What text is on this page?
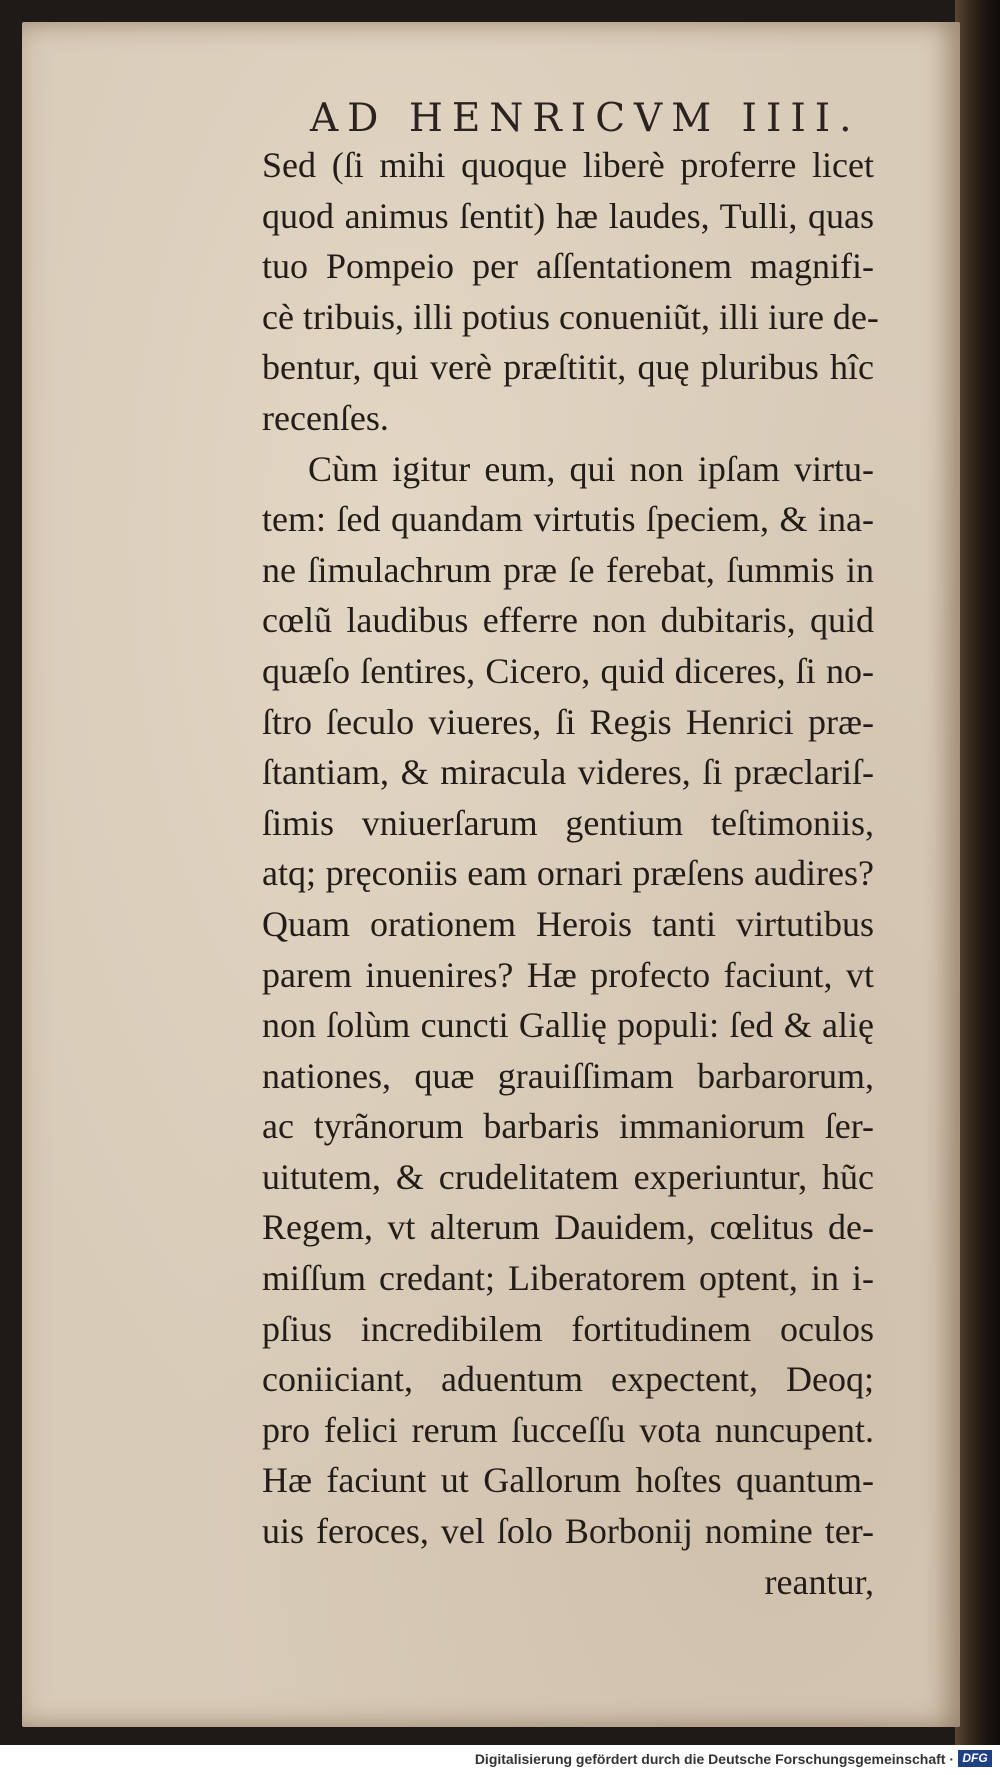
AD HENRICVM IIII.
Sed (ſi mihi quoque liberè proferre licet
quod animus ſentit) hæ laudes, Tulli, quas
tuo Pompeio per aſſentationem magnifi-
cè tribuis, illi potius conueniũt, illi iure de-
bentur, qui verè præſtitit, quę pluribus hîc
recenſes.
Cùm igitur eum, qui non ipſam virtu-
tem: ſed quandam virtutis ſpeciem, & ina-
ne ſimulachrum præ ſe ferebat, ſummis in
cœlũ laudibus efferre non dubitaris, quid
quæſo ſentires, Cicero, quid diceres, ſi no-
ſtro ſeculo viueres, ſi Regis Henrici præ-
ſtantiam, & miracula videres, ſi præclariſ-
ſimis vniuerſarum gentium teſtimoniis,
atq; pręconiis eam ornari præſens audires?
Quam orationem Herois tanti virtutibus
parem inuenires? Hæ profecto faciunt, vt
non ſolùm cuncti Gallię populi: ſed & alię
nationes, quæ grauiſſimam barbarorum,
ac tyrãnorum barbaris immaniorum ſer-
uitutem, & crudelitatem experiuntur, hũc
Regem, vt alterum Dauidem, cœlitus de-
miſſum credant; Liberatorem optent, in i-
pſius incredibilem fortitudinem oculos
coniiciant, aduentum expectent, Deoq;
pro felici rerum ſucceſſu vota nuncupent.
Hæ faciunt ut Gallorum hoſtes quantum-
uis feroces, vel ſolo Borbonij nomine ter-
reantur,
Digitalisierung gefördert durch die Deutsche Forschungsgemeinschaft · DFG
